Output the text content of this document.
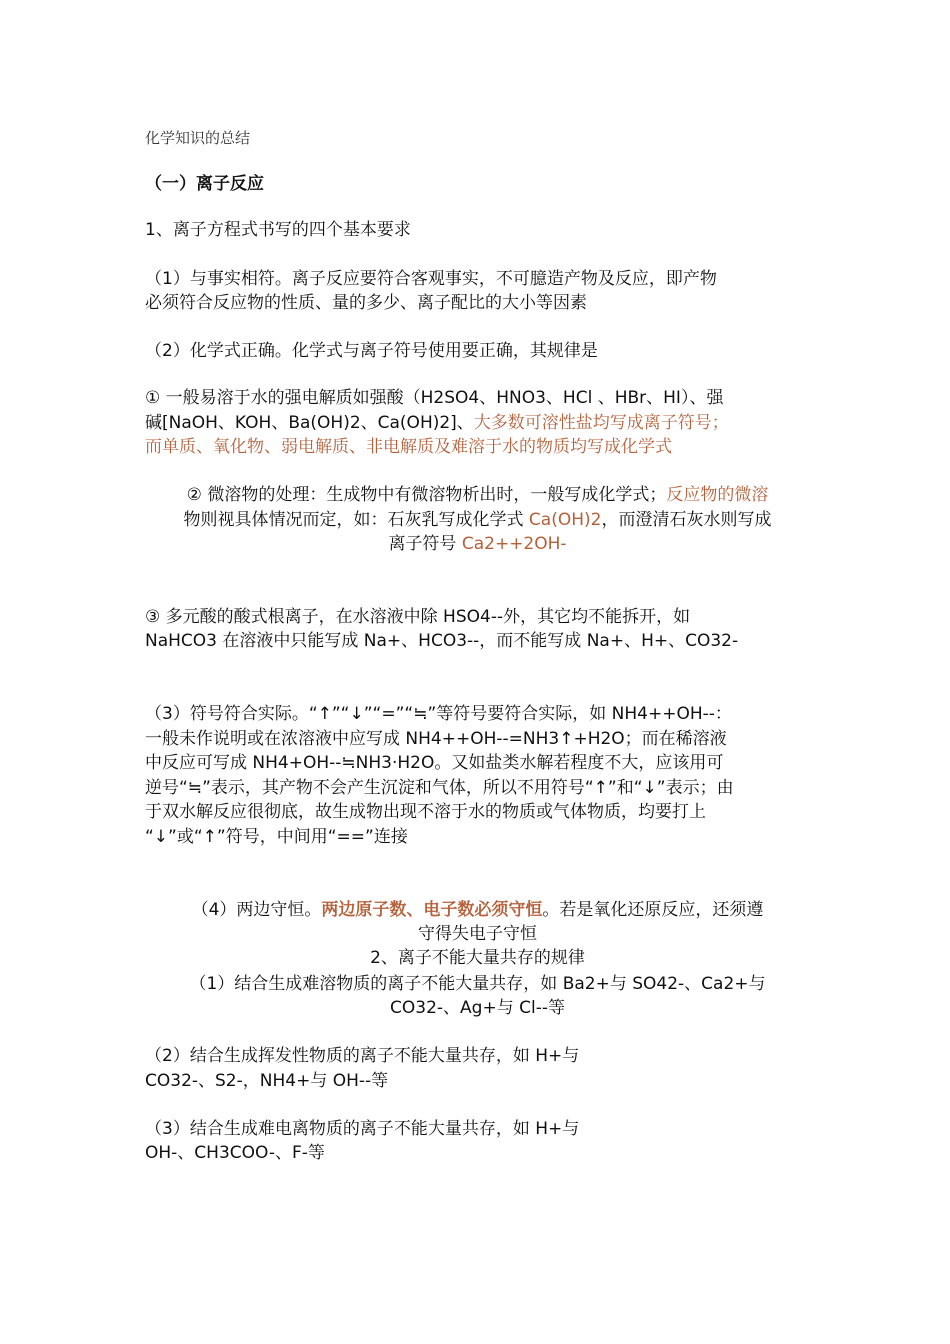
化学知识的总结
（一）离子反应
1、离子方程式书写的四个基本要求
（1）与事实相符。离子反应要符合客观事实，不可臆造产物及反应，即产物
必须符合反应物的性质、量的多少、离子配比的大小等因素
（2）化学式正确。化学式与离子符号使用要正确，其规律是
① 一般易溶于水的强电解质如强酸（H2SO4、HNO3、HCl 、HBr、HI）、强
碱[NaOH、KOH、Ba(OH)2、Ca(OH)2]、大多数可溶性盐均写成离子符号；
而单质、氧化物、弱电解质、非电解质及难溶于水的物质均写成化学式
② 微溶物的处理：生成物中有微溶物析出时，一般写成化学式；反应物的微溶
物则视具体情况而定，如：石灰乳写成化学式 Ca(OH)2，而澄清石灰水则写成
离子符号 Ca2++2OH-
③ 多元酸的酸式根离子，在水溶液中除 HSO4--外，其它均不能拆开，如
NaHCO3 在溶液中只能写成 Na+、HCO3--，而不能写成 Na+、H+、CO32-
（3）符号符合实际。“↑”“↓”“=”“≒”等符号要符合实际，如 NH4++OH--：
一般未作说明或在浓溶液中应写成 NH4++OH--=NH3↑+H2O；而在稀溶液
中反应可写成 NH4+OH--≒NH3·H2O。又如盐类水解若程度不大，应该用可
逆号“≒”表示，其产物不会产生沉淀和气体，所以不用符号“↑”和“↓”表示；由
于双水解反应很彻底，故生成物出现不溶于水的物质或气体物质，均要打上
“↓”或“↑”符号，中间用“==”连接
（4）两边守恒。两边原子数、电子数必须守恒。若是氧化还原反应，还须遵
守得失电子守恒
2、离子不能大量共存的规律
（1）结合生成难溶物质的离子不能大量共存，如 Ba2+与 SO42-、Ca2+与
CO32-、Ag+与 Cl--等
（2）结合生成挥发性物质的离子不能大量共存，如 H+与
CO32-、S2-，NH4+与 OH--等
（3）结合生成难电离物质的离子不能大量共存，如 H+与
OH-、CH3COO-、F-等
